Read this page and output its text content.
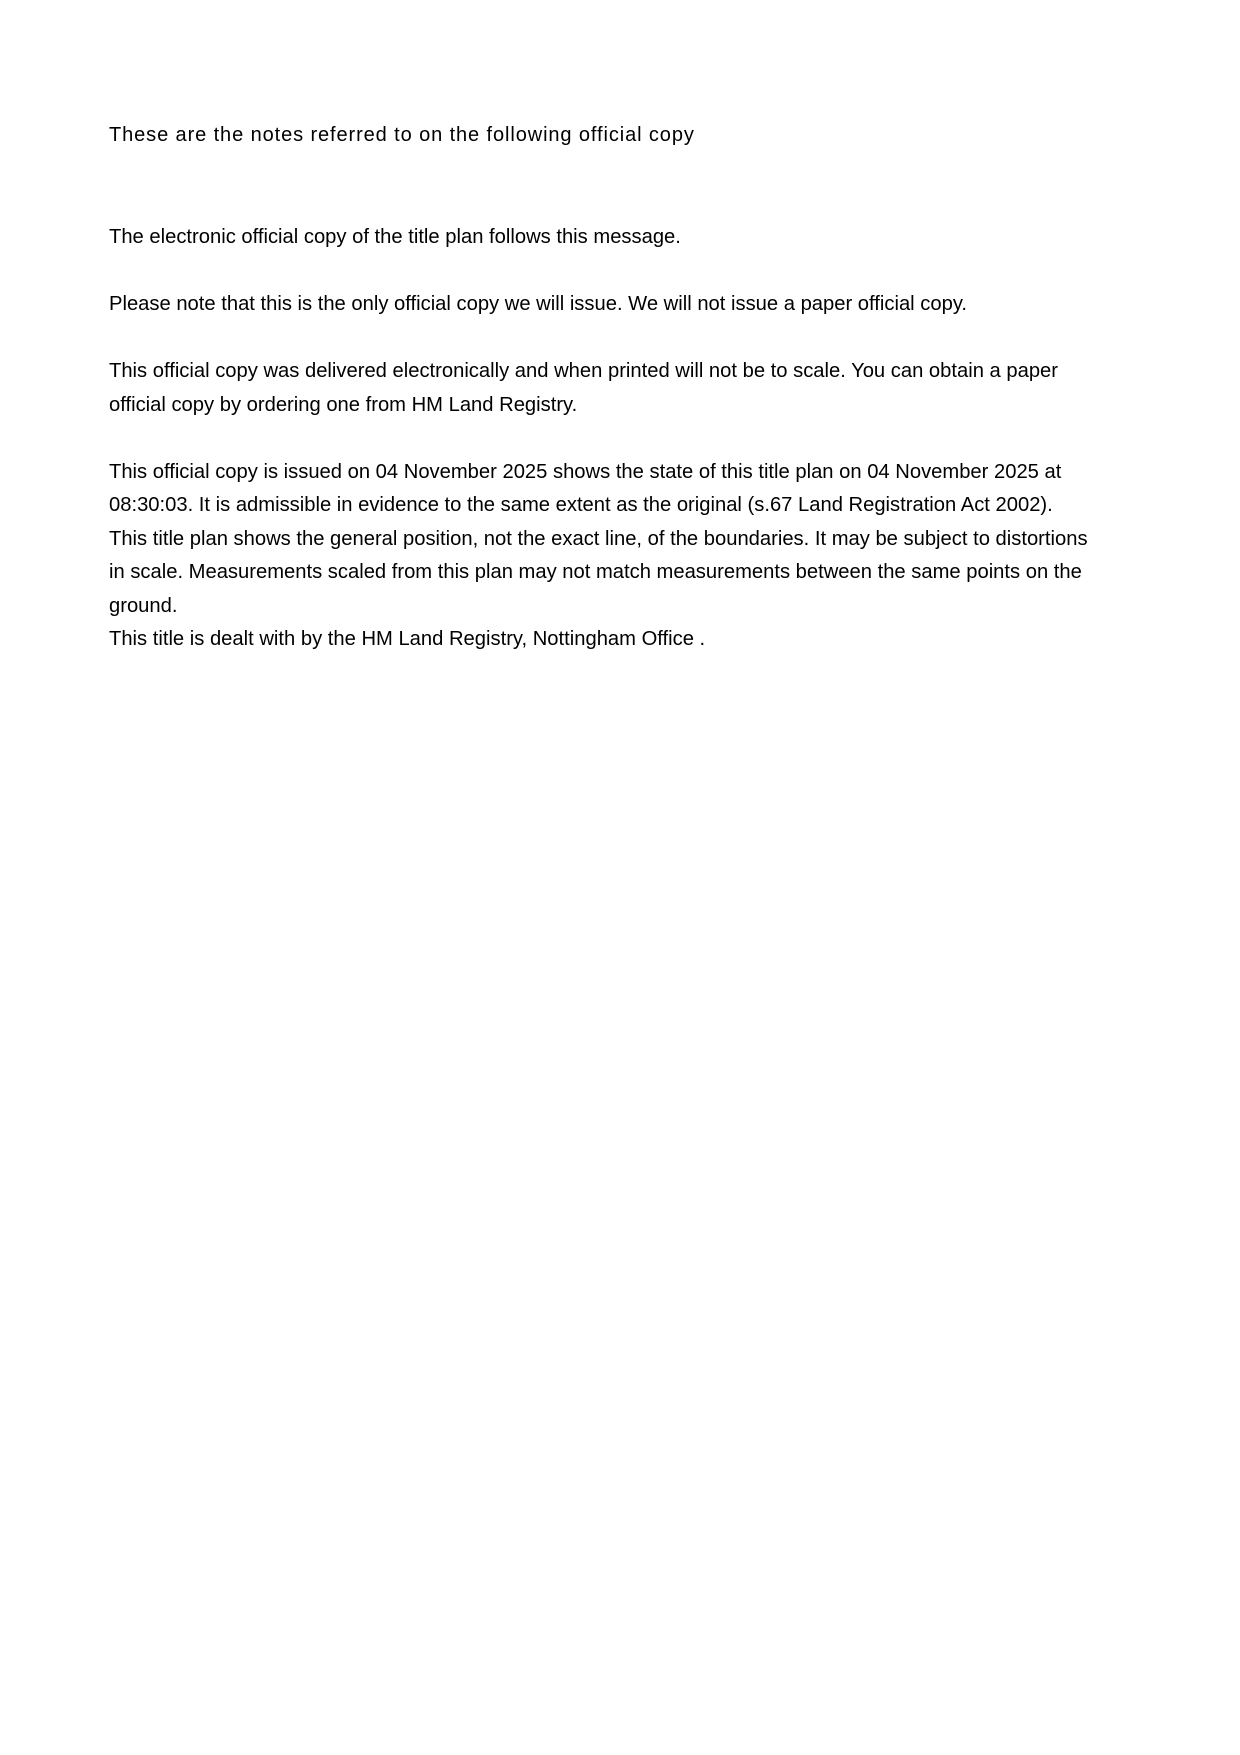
These are the notes referred to on the following official copy

The electronic official copy of the title plan follows this message.

Please note that this is the only official copy we will issue. We will not issue a paper official copy.

This official copy was delivered electronically and when printed will not be to scale. You can obtain a paper

official copy by ordering one from HM Land Registry.

This official copy is issued on 04 November 2025 shows the state of this title plan on 04 November 2025 at

08:30:03. It is admissible in evidence to the same extent as the original (s.67 Land Registration Act 2002).

This title plan shows the general position, not the exact line, of the boundaries. It may be subject to distortions

in scale. Measurements scaled from this plan may not match measurements between the same points on the

ground.

This title is dealt with by the HM Land Registry, Nottingham Office .
